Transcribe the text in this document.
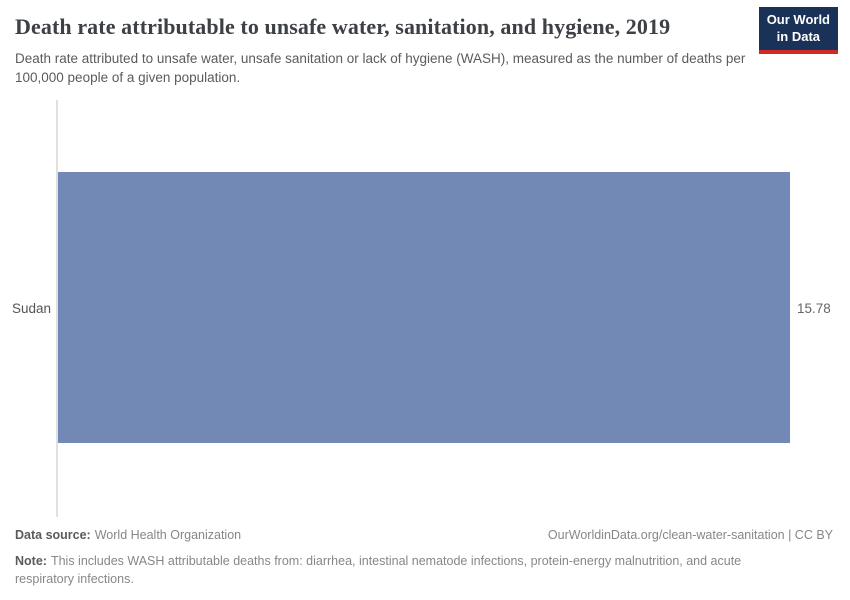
Death rate attributable to unsafe water, sanitation, and hygiene, 2019

Death rate attributed to unsafe water, unsafe sanitation or lack of hygiene (WASH), measured as the number of deaths per 100,000 people of a given population.

Our World
in Data
Sudan	15.78
Data source: World Health Organization	OurWorldinData.org/clean-water-sanitation | CC BY
Note: This includes WASH attributable deaths from: diarrhea, intestinal nematode infections, protein-energy malnutrition, and acute respiratory infections.
